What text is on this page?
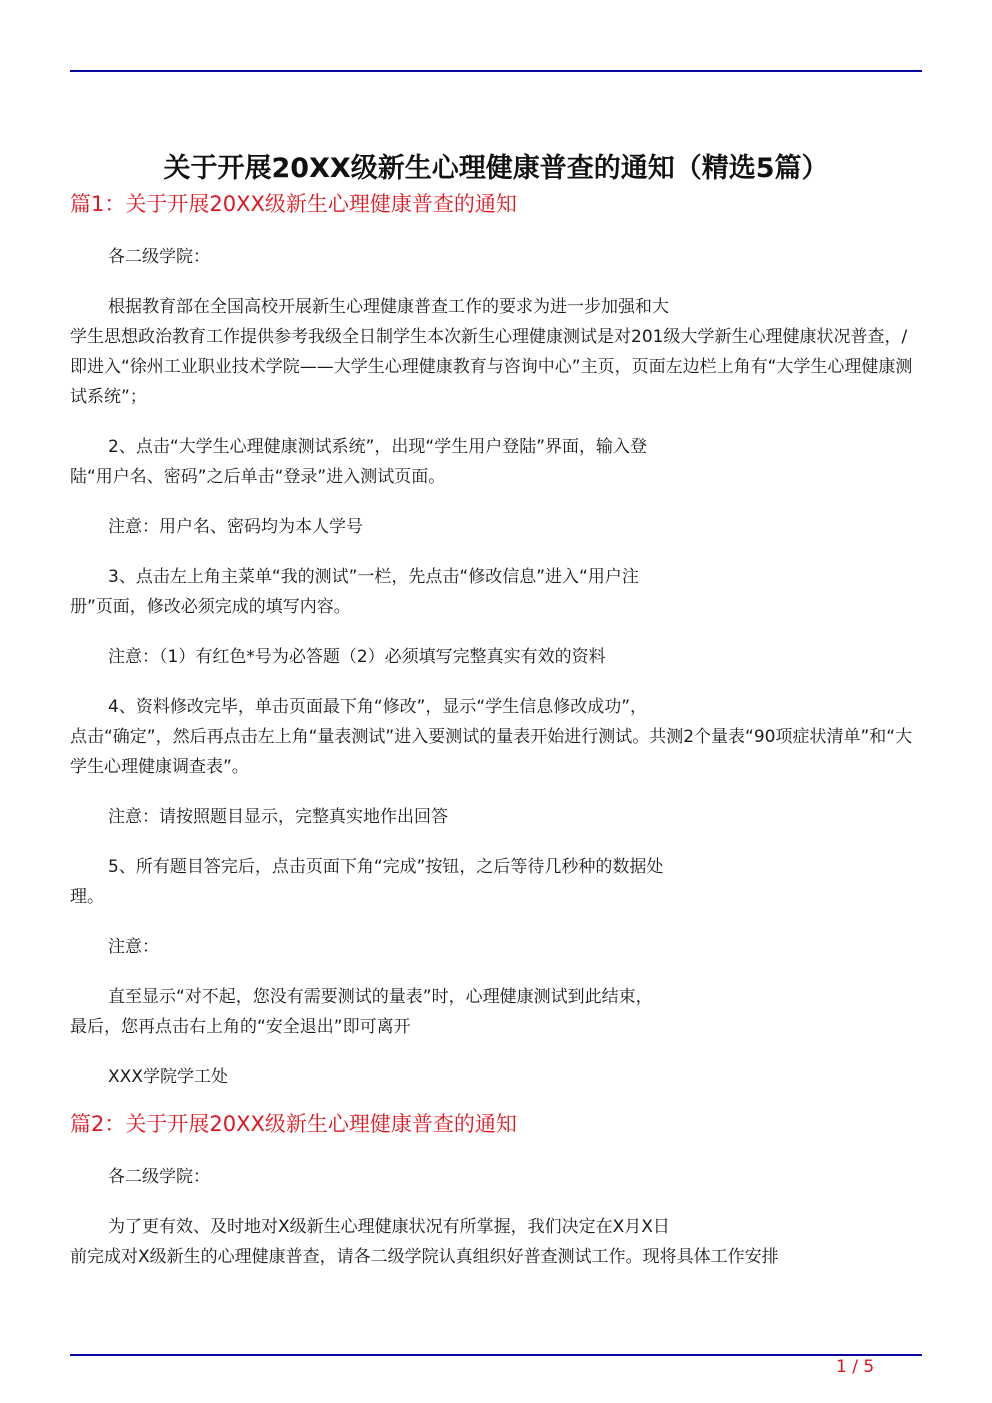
关于开展20XX级新生心理健康普查的通知（精选5篇）
篇1：关于开展20XX级新生心理健康普查的通知

各二级学院：

根据教育部在全国高校开展新生心理健康普查工作的要求为进一步加强和大

学生思想政治教育工作提供参考我级全日制学生本次新生心理健康测试是对201级大学新生心理健康状况普查，/即进入“徐州工业职业技术学院——大学生心理健康教育与咨询中心”主页，页面左边栏上角有“大学生心理健康测试系统”；

2、点击“大学生心理健康测试系统”，出现“学生用户登陆”界面，输入登

陆“用户名、密码”之后单击“登录”进入测试页面。

注意：用户名、密码均为本人学号

3、点击左上角主菜单“我的测试”一栏，先点击“修改信息”进入“用户注

册”页面，修改必须完成的填写内容。

注意：（1）有红色*号为必答题（2）必须填写完整真实有效的资料

4、资料修改完毕，单击页面最下角“修改”，显示“学生信息修改成功”，

点击“确定”，然后再点击左上角“量表测试”进入要测试的量表开始进行测试。共测2个量表“90项症状清单”和“大学生心理健康调查表”。

注意：请按照题目显示，完整真实地作出回答

5、所有题目答完后，点击页面下角“完成”按钮，之后等待几秒种的数据处

理。

注意：

直至显示“对不起，您没有需要测试的量表”时，心理健康测试到此结束，

最后，您再点击右上角的“安全退出”即可离开

XXX学院学工处

篇2：关于开展20XX级新生心理健康普查的通知

各二级学院：

为了更有效、及时地对X级新生心理健康状况有所掌握，我们决定在X月X日

前完成对X级新生的心理健康普查，请各二级学院认真组织好普查测试工作。现将具体工作安排

1 / 5
